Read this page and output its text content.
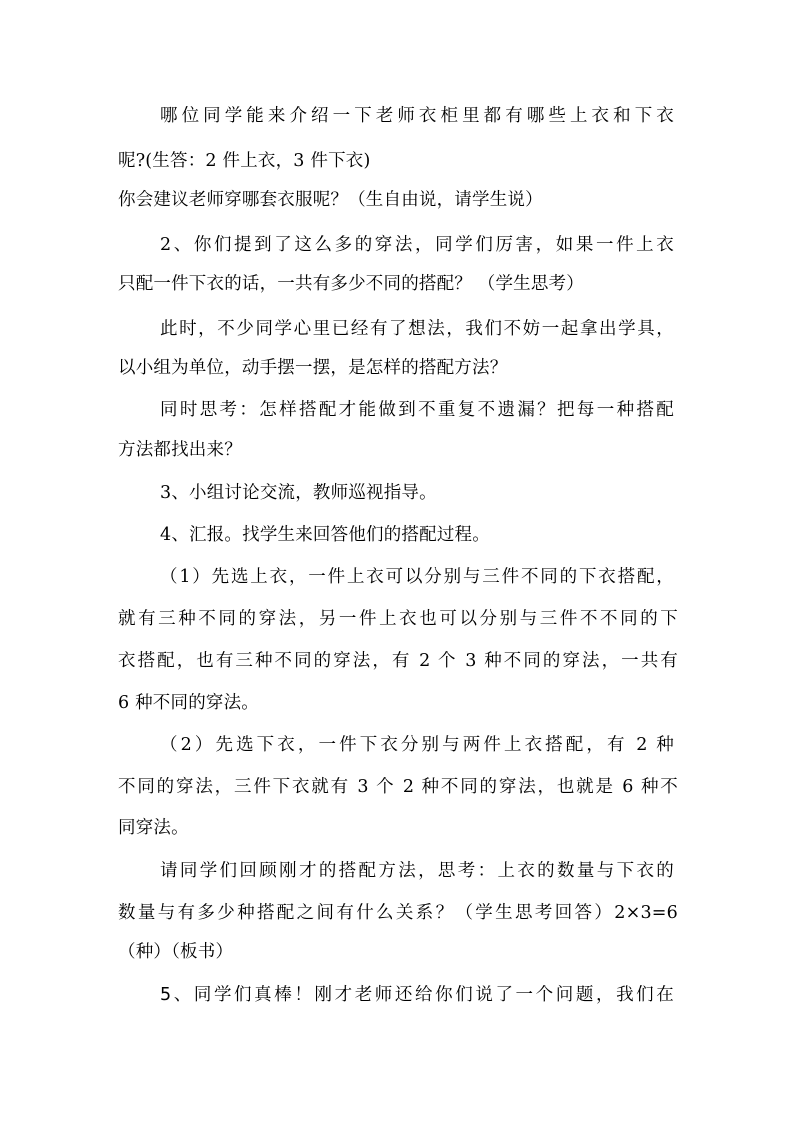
哪位同学能来介绍一下老师衣柜里都有哪些上衣和下衣
呢?(生答：2 件上衣，3 件下衣)
你会建议老师穿哪套衣服呢？（生自由说，请学生说）
2、你们提到了这么多的穿法，同学们厉害，如果一件上衣
只配一件下衣的话，一共有多少不同的搭配？ （学生思考）
此时，不少同学心里已经有了想法，我们不妨一起拿出学具，
以小组为单位，动手摆一摆，是怎样的搭配方法？
同时思考：怎样搭配才能做到不重复不遗漏？把每一种搭配
方法都找出来？
3、小组讨论交流，教师巡视指导。
4、汇报。找学生来回答他们的搭配过程。
（1）先选上衣，一件上衣可以分别与三件不同的下衣搭配，
就有三种不同的穿法，另一件上衣也可以分别与三件不不同的下
衣搭配，也有三种不同的穿法，有 2 个 3 种不同的穿法，一共有
6 种不同的穿法。
（2）先选下衣，一件下衣分别与两件上衣搭配，有 2 种
不同的穿法，三件下衣就有 3 个 2 种不同的穿法，也就是 6 种不
同穿法。
请同学们回顾刚才的搭配方法，思考：上衣的数量与下衣的
数量与有多少种搭配之间有什么关系？（学生思考回答）2×3=6
（种）（板书）
5、同学们真棒！刚才老师还给你们说了一个问题，我们在
